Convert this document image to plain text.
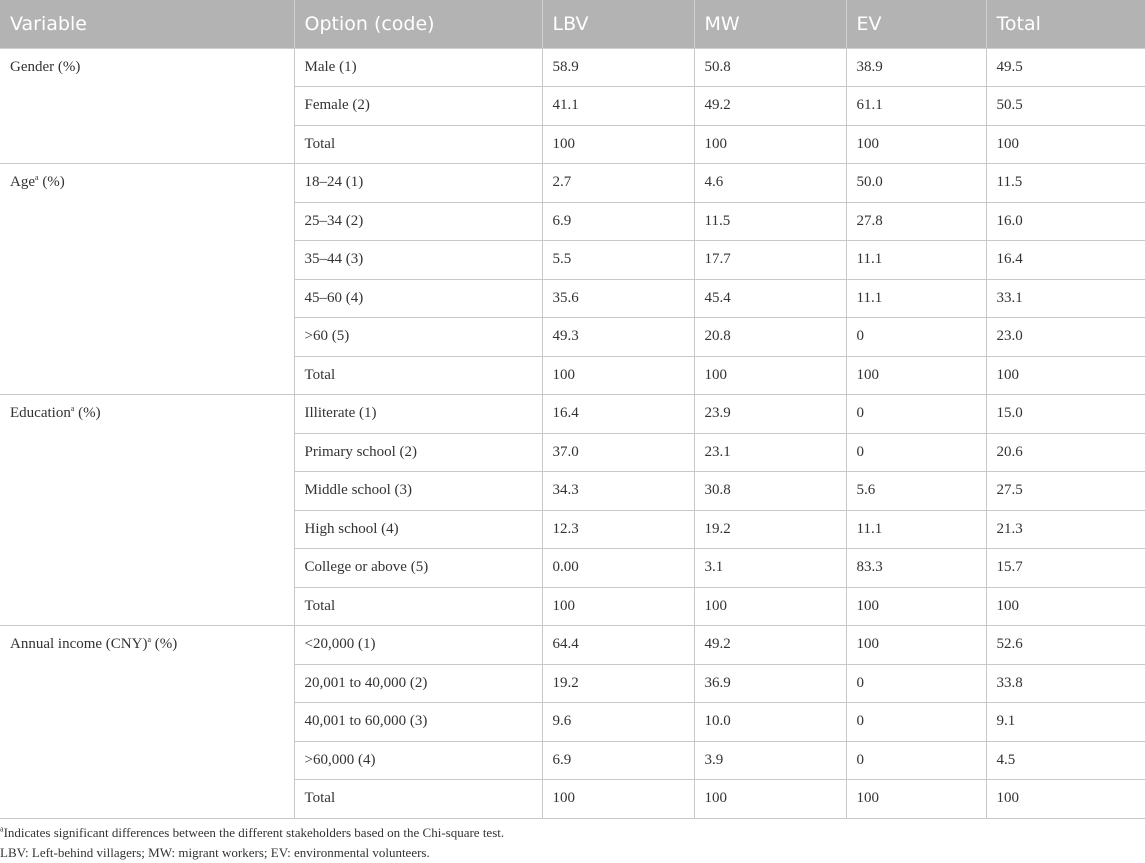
Variable	Option (code)	LBV	MW	EV	Total
Gender (%)	Male (1)	58.9	50.8	38.9	49.5
	Female (2)	41.1	49.2	61.1	50.5
	Total	100	100	100	100
Age$^a$ (%)	18–24 (1)	2.7	4.6	50.0	11.5
	25–34 (2)	6.9	11.5	27.8	16.0
	35–44 (3)	5.5	17.7	11.1	16.4
	45–60 (4)	35.6	45.4	11.1	33.1
	>60 (5)	49.3	20.8	0	23.0
	Total	100	100	100	100
Education$^a$ (%)	Illiterate (1)	16.4	23.9	0	15.0
	Primary school (2)	37.0	23.1	0	20.6
	Middle school (3)	34.3	30.8	5.6	27.5
	High school (4)	12.3	19.2	11.1	21.3
	College or above (5)	0.00	3.1	83.3	15.7
	Total	100	100	100	100
Annual income (CNY)$^a$ (%)	<20,000 (1)	64.4	49.2	100	52.6
	20,001 to 40,000 (2)	19.2	36.9	0	33.8
	40,001 to 60,000 (3)	9.6	10.0	0	9.1
	>60,000 (4)	6.9	3.9	0	4.5
	Total	100	100	100	100
$^a$Indicates significant differences between the different stakeholders based on the Chi-square test.
LBV: Left-behind villagers; MW: migrant workers; EV: environmental volunteers.
